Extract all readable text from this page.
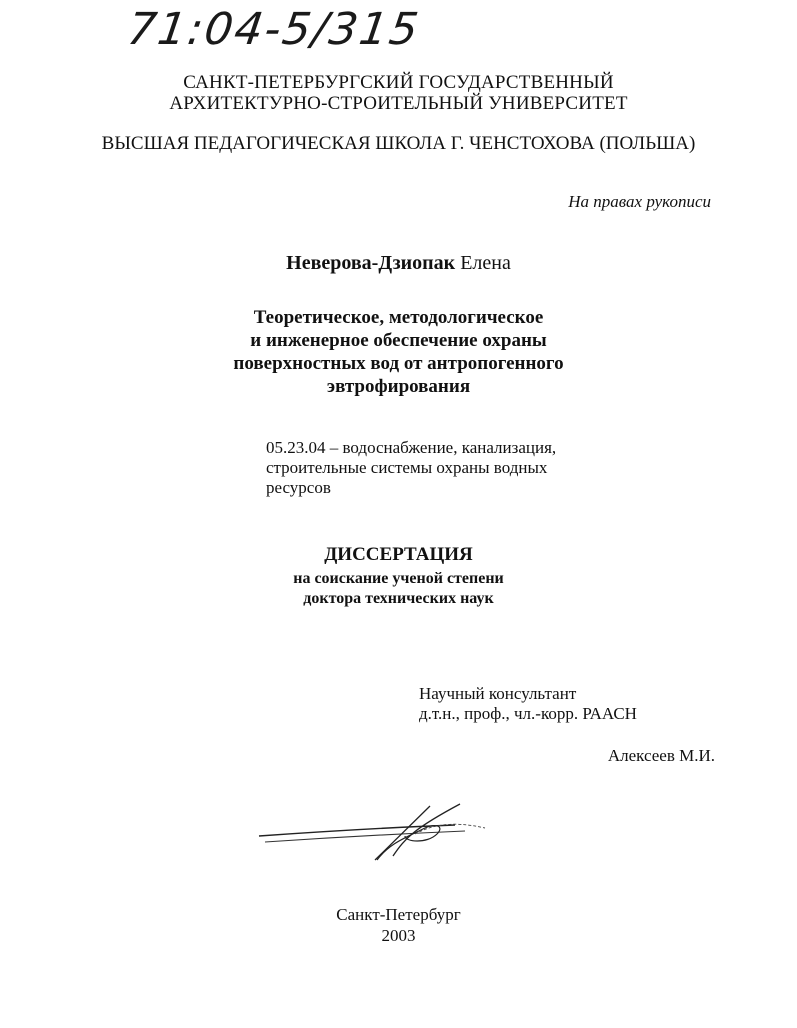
71:04-5/315
САНКТ-ПЕТЕРБУРГСКИЙ ГОСУДАРСТВЕННЫЙ
АРХИТЕКТУРНО-СТРОИТЕЛЬНЫЙ УНИВЕРСИТЕТ
ВЫСШАЯ ПЕДАГОГИЧЕСКАЯ ШКОЛА Г. ЧЕНСТОХОВА (ПОЛЬША)
На правах рукописи
Неверова-Дзиопак Елена
Теоретическое, методологическое
и инженерное обеспечение охраны
поверхностных вод от антропогенного
эвтрофирования
05.23.04 – водоснабжение, канализация,
строительные системы охраны водных
ресурсов
ДИССЕРТАЦИЯ
на соискание ученой степени
доктора технических наук
Научный консультант
д.т.н., проф., чл.-корр. РААСН
Алексеев М.И.
Санкт-Петербург
2003
